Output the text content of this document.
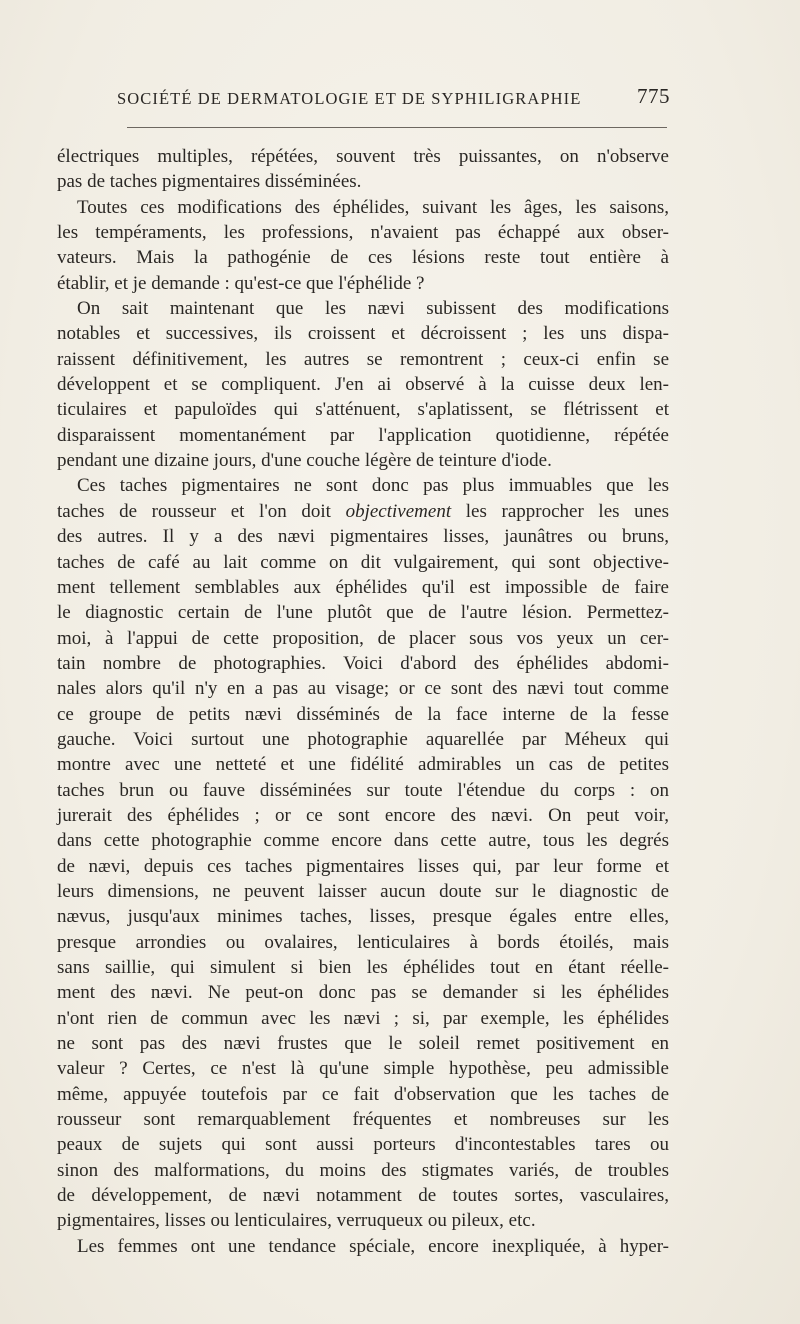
SOCIÉTÉ DE DERMATOLOGIE ET DE SYPHILIGRAPHIE	775
électriques multiples, répétées, souvent très puissantes, on n'observe
pas de taches pigmentaires disséminées.
Toutes ces modifications des éphélides, suivant les âges, les saisons,
les tempéraments, les professions, n'avaient pas échappé aux obser-
vateurs. Mais la pathogénie de ces lésions reste tout entière à
établir, et je demande : qu'est-ce que l'éphélide ?
On sait maintenant que les nævi subissent des modifications
notables et successives, ils croissent et décroissent ; les uns dispa-
raissent définitivement, les autres se remontrent ; ceux-ci enfin se
développent et se compliquent. J'en ai observé à la cuisse deux len-
ticulaires et papuloïdes qui s'atténuent, s'aplatissent, se flétrissent et
disparaissent momentanément par l'application quotidienne, répétée
pendant une dizaine jours, d'une couche légère de teinture d'iode.
Ces taches pigmentaires ne sont donc pas plus immuables que les
taches de rousseur et l'on doit objectivement les rapprocher les unes
des autres. Il y a des nævi pigmentaires lisses, jaunâtres ou bruns,
taches de café au lait comme on dit vulgairement, qui sont objective-
ment tellement semblables aux éphélides qu'il est impossible de faire
le diagnostic certain de l'une plutôt que de l'autre lésion. Permettez-
moi, à l'appui de cette proposition, de placer sous vos yeux un cer-
tain nombre de photographies. Voici d'abord des éphélides abdomi-
nales alors qu'il n'y en a pas au visage; or ce sont des nævi tout comme
ce groupe de petits nævi disséminés de la face interne de la fesse
gauche. Voici surtout une photographie aquarellée par Méheux qui
montre avec une netteté et une fidélité admirables un cas de petites
taches brun ou fauve disséminées sur toute l'étendue du corps : on
jurerait des éphélides ; or ce sont encore des nævi. On peut voir,
dans cette photographie comme encore dans cette autre, tous les degrés
de nævi, depuis ces taches pigmentaires lisses qui, par leur forme et
leurs dimensions, ne peuvent laisser aucun doute sur le diagnostic de
nævus, jusqu'aux minimes taches, lisses, presque égales entre elles,
presque arrondies ou ovalaires, lenticulaires à bords étoilés, mais
sans saillie, qui simulent si bien les éphélides tout en étant réelle-
ment des nævi. Ne peut-on donc pas se demander si les éphélides
n'ont rien de commun avec les nævi ; si, par exemple, les éphélides
ne sont pas des nævi frustes que le soleil remet positivement en
valeur ? Certes, ce n'est là qu'une simple hypothèse, peu admissible
même, appuyée toutefois par ce fait d'observation que les taches de
rousseur sont remarquablement fréquentes et nombreuses sur les
peaux de sujets qui sont aussi porteurs d'incontestables tares ou
sinon des malformations, du moins des stigmates variés, de troubles
de développement, de nævi notamment de toutes sortes, vasculaires,
pigmentaires, lisses ou lenticulaires, verruqueux ou pileux, etc.
Les femmes ont une tendance spéciale, encore inexpliquée, à hyper-
